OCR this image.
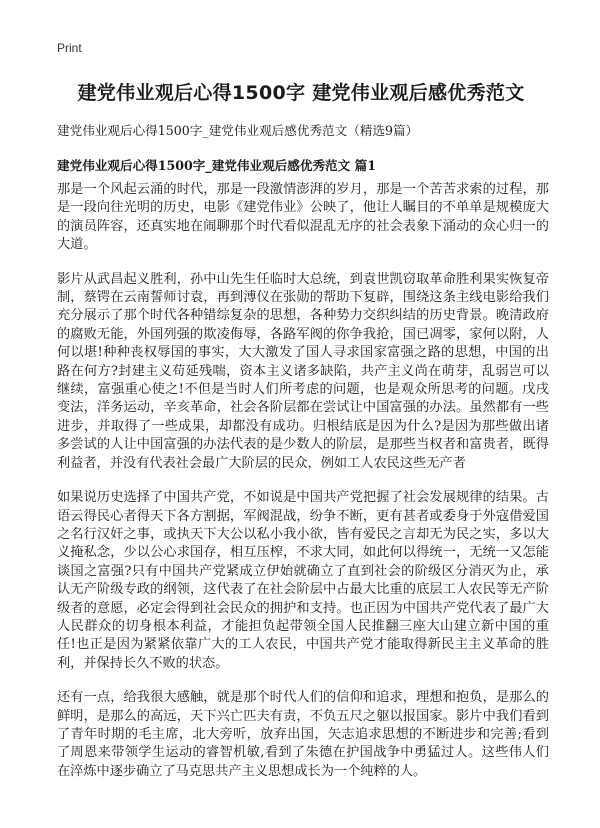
Print
建党伟业观后心得1500字 建党伟业观后感优秀范文
建党伟业观后心得1500字_建党伟业观后感优秀范文（精选9篇）
建党伟业观后心得1500字_建党伟业观后感优秀范文 篇1

那是一个风起云涌的时代，那是一段激情澎湃的岁月，那是一个苦苦求索的过程，那是一段向往光明的历史，电影《建党伟业》公映了，他让人瞩目的不单单是规模庞大的演员阵容，还真实地在闹聊那个时代看似混乱无序的社会表象下涌动的众心归一的大道。

影片从武昌起义胜利，孙中山先生任临时大总统，到袁世凯窃取革命胜利果实恢复帝制，蔡锷在云南誓师讨袁，再到溥仪在张勋的帮助下复辟，围绕这条主线电影给我们充分展示了那个时代各种错综复杂的思想，各种势力交织纠结的历史背景。晚清政府的腐败无能，外国列强的欺凌侮辱，各路军阀的你争我抢，国已凋零，家何以附，人何以堪!种种丧权辱国的事实，大大激发了国人寻求国家富强之路的思想，中国的出路在何方?封建主义苟延残喘，资本主义诸多缺陷，共产主义尚在萌芽，乱弱岂可以继续，富强重心使之!不但是当时人们所考虑的问题，也是观众所思考的问题。戊戌变法，洋务运动，辛亥革命，社会各阶层都在尝试让中国富强的办法。虽然都有一些进步，并取得了一些成果，却都没有成功。归根结底是因为什么?是因为那些做出诸多尝试的人让中国富强的办法代表的是少数人的阶层，是那些当权者和富贵者，既得利益者，并没有代表社会最广大阶层的民众，例如工人农民这些无产者

如果说历史选择了中国共产党，不如说是中国共产党把握了社会发展规律的结果。古语云得民心者得天下各方割据，军阀混战，纷争不断，更有甚者或委身于外寇借爱国之名行汉奸之事，或执天下大公以私小我小欲，皆有爱民之言却无为民之实，多以大义掩私念，少以公心求国存，相互压榨，不求大同，如此何以得统一，无统一又怎能谈国之富强?只有中国共产党紧成立伊始就确立了直到社会的阶级区分消灭为止，承认无产阶级专政的纲领，这代表了在社会阶层中占最大比重的底层工人农民等无产阶级者的意愿，必定会得到社会民众的拥护和支持。也正因为中国共产党代表了最广大人民群众的切身根本利益，才能担负起带领全国人民推翻三座大山建立新中国的重任!也正是因为紧紧依靠广大的工人农民，中国共产党才能取得新民主主义革命的胜利，并保持长久不败的状态。

还有一点，给我很大感触，就是那个时代人们的信仰和追求，理想和抱负，是那么的鲜明，是那么的高远，天下兴亡匹夫有责，不负五尺之躯以报国家。影片中我们看到了青年时期的毛主席，北大旁听，放弃出国，矢志追求思想的不断进步和完善;看到了周恩来带领学生运动的睿智机敏,看到了朱德在护国战争中勇猛过人。这些伟人们在淬炼中逐步确立了马克思共产主义思想成长为一个纯粹的人。
